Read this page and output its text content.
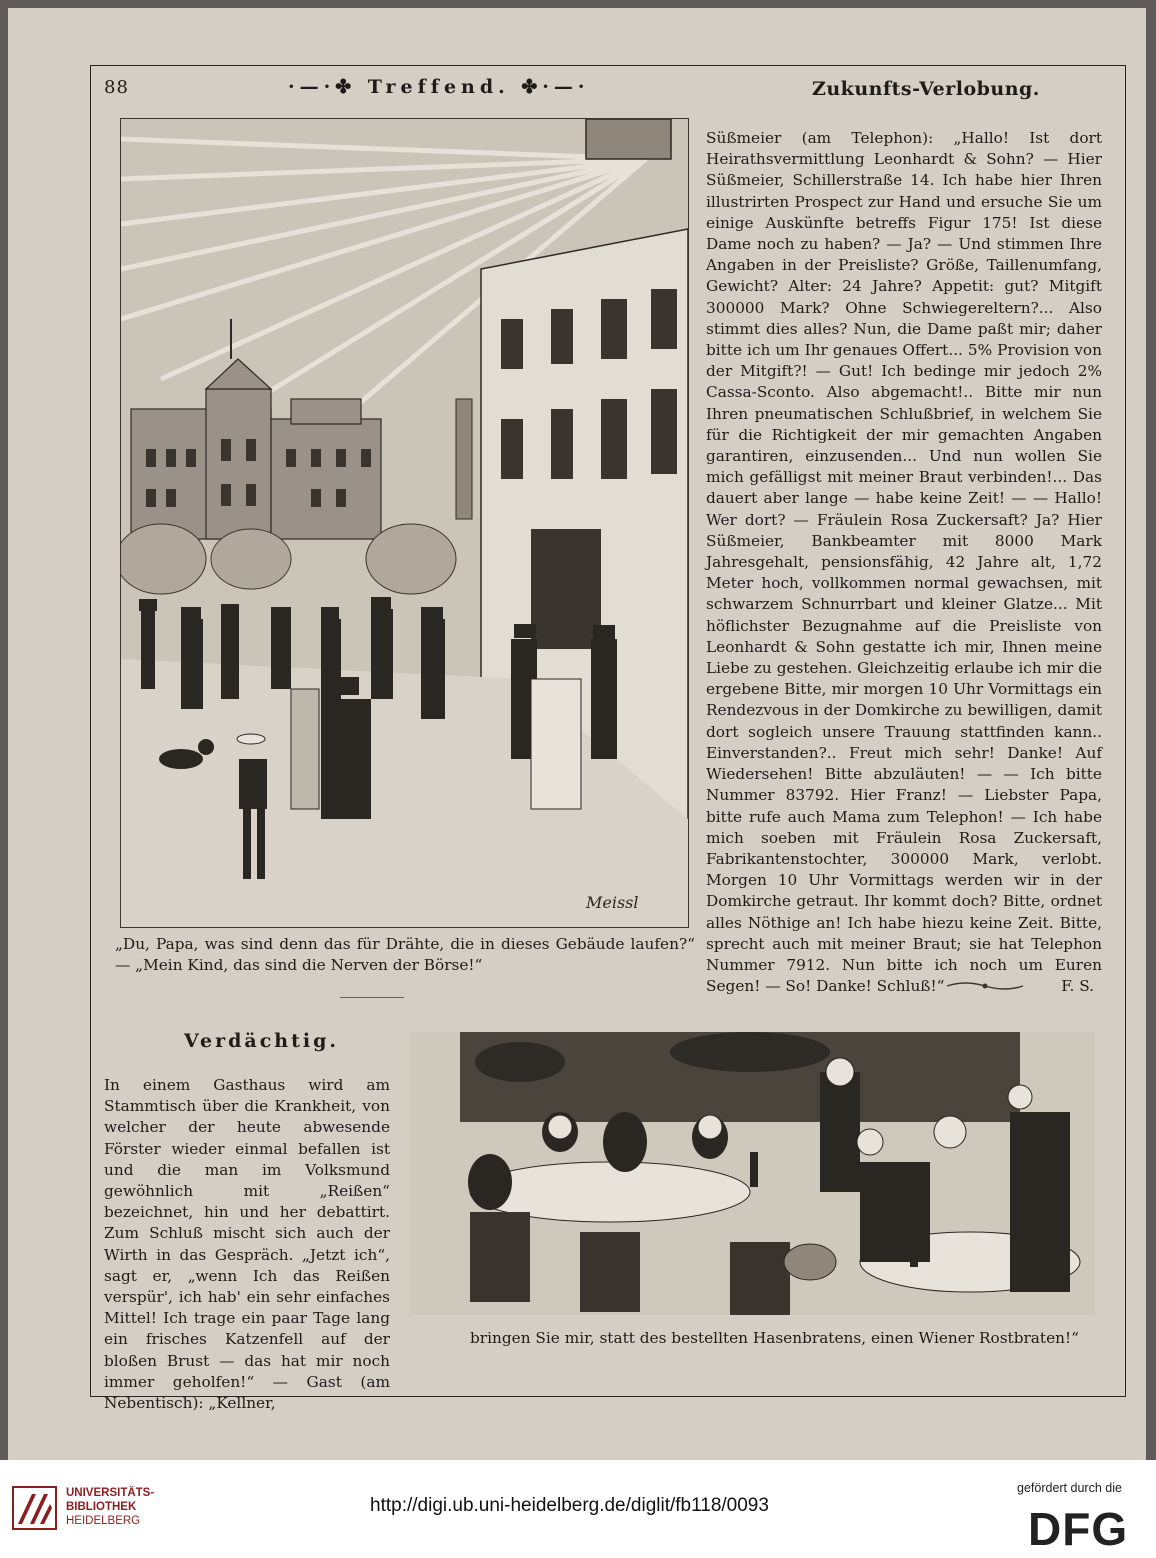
88	·—·✤ Treffend. ✤·—·	Zukunfts-Verlobung.
Meissl
„Du, Papa, was sind denn das für Drähte, die in dieses Gebäude laufen?“ — „Mein Kind, das sind die Nerven der Börse!“
Süßmeier (am Telephon): „Hallo! Ist dort Heirathsvermittlung Leonhardt & Sohn? — Hier Süßmeier, Schillerstraße 14. Ich habe hier Ihren illustrirten Prospect zur Hand und ersuche Sie um einige Auskünfte betreffs Figur 175! Ist diese Dame noch zu haben? — Ja? — Und stimmen Ihre Angaben in der Preisliste? Größe, Taillenumfang, Gewicht? Alter: 24 Jahre? Appetit: gut? Mitgift 300000 Mark? Ohne Schwiegereltern?... Also stimmt dies alles? Nun, die Dame paßt mir; daher bitte ich um Ihr genaues Offert... 5% Provision von der Mitgift?! — Gut! Ich bedinge mir jedoch 2% Cassa-Sconto. Also abgemacht!.. Bitte mir nun Ihren pneumatischen Schlußbrief, in welchem Sie für die Richtigkeit der mir gemachten Angaben garantiren, einzusenden... Und nun wollen Sie mich gefälligst mit meiner Braut verbinden!... Das dauert aber lange — habe keine Zeit! — — Hallo! Wer dort? — Fräulein Rosa Zuckersaft? Ja? Hier Süßmeier, Bankbeamter mit 8000 Mark Jahresgehalt, pensionsfähig, 42 Jahre alt, 1,72 Meter hoch, vollkommen normal gewachsen, mit schwarzem Schnurrbart und kleiner Glatze... Mit höflichster Bezugnahme auf die Preisliste von Leonhardt & Sohn gestatte ich mir, Ihnen meine Liebe zu gestehen. Gleichzeitig erlaube ich mir die ergebene Bitte, mir morgen 10 Uhr Vormittags ein Rendezvous in der Domkirche zu bewilligen, damit dort sogleich unsere Trauung stattfinden kann.. Einverstanden?.. Freut mich sehr! Danke! Auf Wiedersehen! Bitte abzuläuten! — — Ich bitte Nummer 83792. Hier Franz! — Liebster Papa, bitte rufe auch Mama zum Telephon! — Ich habe mich soeben mit Fräulein Rosa Zuckersaft, Fabrikantenstochter, 300000 Mark, verlobt. Morgen 10 Uhr Vormittags werden wir in der Domkirche getraut. Ihr kommt doch? Bitte, ordnet alles Nöthige an! Ich habe hiezu keine Zeit. Bitte, sprecht auch mit meiner Braut; sie hat Telephon Nummer 7912. Nun bitte ich noch um Euren Segen! — So! Danke! Schluß!“	F. S.
Verdächtig.
In einem Gasthaus wird am Stammtisch über die Krankheit, von welcher der heute abwesende Förster wieder einmal befallen ist und die man im Volksmund gewöhnlich mit „Reißen“ bezeichnet, hin und her debattirt. Zum Schluß mischt sich auch der Wirth in das Gespräch. „Jetzt ich“, sagt er, „wenn Ich das Reißen verspür', ich hab' ein sehr einfaches Mittel! Ich trage ein paar Tage lang ein frisches Katzenfell auf der bloßen Brust — das hat mir noch immer geholfen!“ — Gast (am Nebentisch): „Kellner,
bringen Sie mir, statt des bestellten Hasenbratens, einen Wiener Rostbraten!“
UNIVERSITÄTS-
BIBLIOTHEK
HEIDELBERG
http://digi.ub.uni-heidelberg.de/diglit/fb118/0093
gefördert durch die
DFG
